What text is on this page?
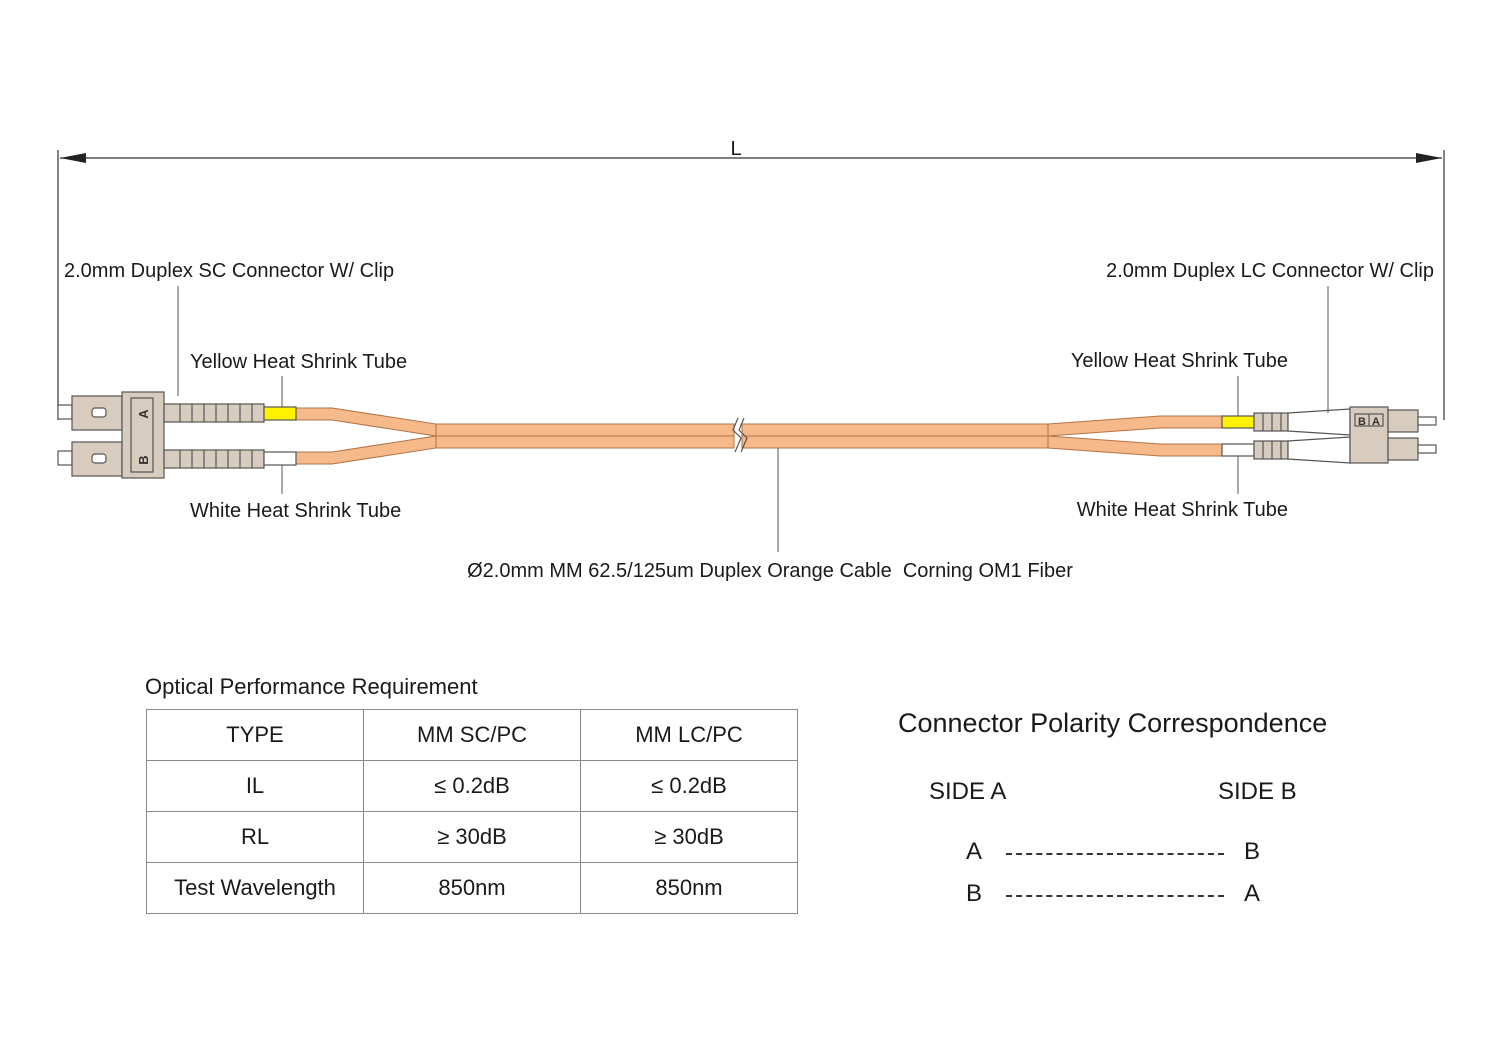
L
A
B
B A
2.0mm Duplex SC Connector W/ Clip	2.0mm Duplex LC Connector W/ Clip
Yellow Heat Shrink Tube	Yellow Heat Shrink Tube
White Heat Shrink Tube	White Heat Shrink Tube
Ø2.0mm MM 62.5/125um Duplex Orange Cable  Corning OM1 Fiber
Optical Performance Requirement
TYPE	MM SC/PC	MM LC/PC
IL	≤ 0.2dB	≤ 0.2dB
RL	≥ 30dB	≥ 30dB
Test Wavelength	850nm	850nm
Connector Polarity Correspondence
SIDE A	SIDE B
A	B
B	A
